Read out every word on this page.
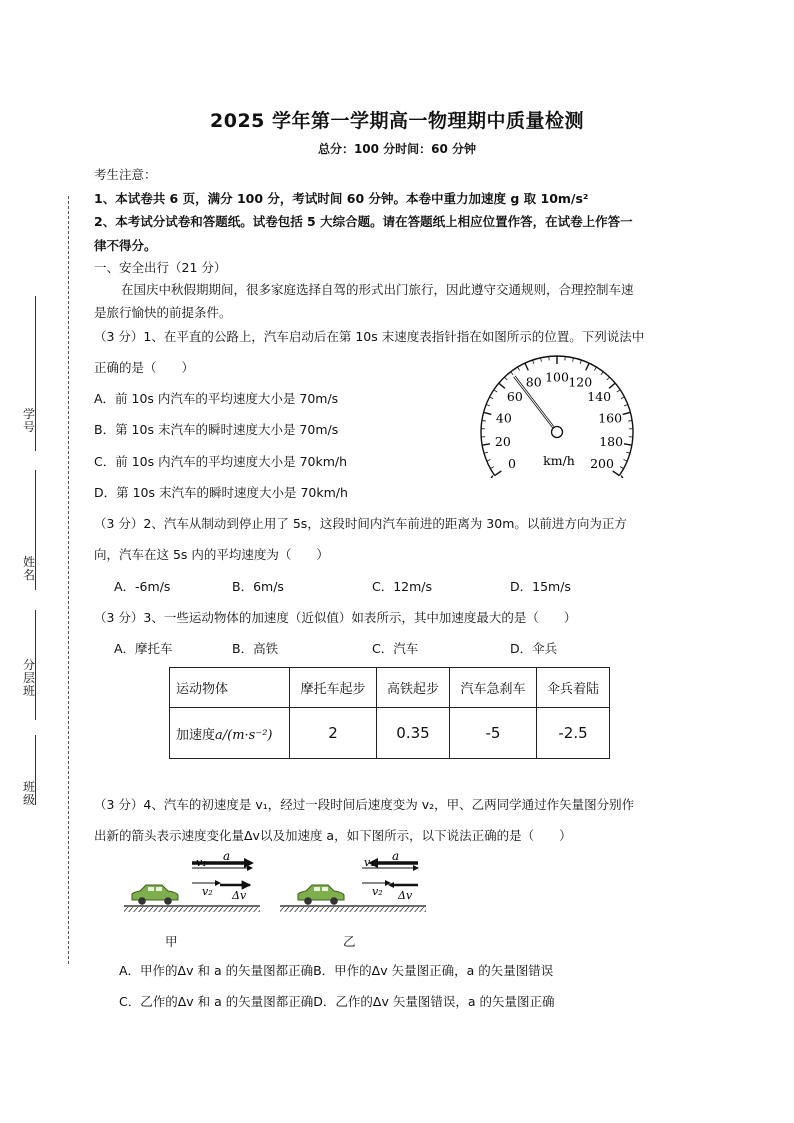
学号
姓名
分层班
班级
2025 学年第一学期高一物理期中质量检测
总分：100 分时间：60 分钟
考生注意：
1、本试卷共 6 页，满分 100 分，考试时间 60 分钟。本卷中重力加速度 g 取 10m/s²
2、本考试分试卷和答题纸。试卷包括 5 大综合题。请在答题纸上相应位置作答，在试卷上作答一
律不得分。
一、安全出行（21 分）
在国庆中秋假期期间，很多家庭选择自驾的形式出门旅行，因此遵守交通规则，合理控制车速
是旅行愉快的前提条件。
（3 分）1、在平直的公路上，汽车启动后在第 10s 末速度表指针指在如图所示的位置。下列说法中
正确的是（　　）
A．前 10s 内汽车的平均速度大小是 70m/s
B．第 10s 末汽车的瞬时速度大小是 70m/s
C．前 10s 内汽车的平均速度大小是 70km/h
D．第 10s 末汽车的瞬时速度大小是 70km/h
0
20
40
60
80 100 120
140
160
180
200
km/h
（3 分）2、汽车从制动到停止用了 5s，这段时间内汽车前进的距离为 30m。以前进方向为正方
向，汽车在这 5s 内的平均速度为（　　）
A．-6m/s	B．6m/s	C．12m/s	D．15m/s
（3 分）3、一些运动物体的加速度（近似值）如表所示，其中加速度最大的是（　　）
A．摩托车	B．高铁	C．汽车	D．伞兵
运动物体	摩托车起步	高铁起步	汽车急刹车	伞兵着陆
加速度a/(m·s⁻²)	2	0.35	-5	-2.5
（3 分）4、汽车的初速度是 v₁，经过一段时间后速度变为 v₂，甲、乙两同学通过作矢量图分别作
出新的箭头表示速度变化量Δv以及加速度 a，如下图所示，以下说法正确的是（　　）
v₁ a
v₂ Δv
v₁ a
v₂ Δv
甲	乙
A．甲作的Δv 和 a 的矢量图都正确B．甲作的Δv 矢量图正确，a 的矢量图错误
C．乙作的Δv 和 a 的矢量图都正确D．乙作的Δv 矢量图错误，a 的矢量图正确
